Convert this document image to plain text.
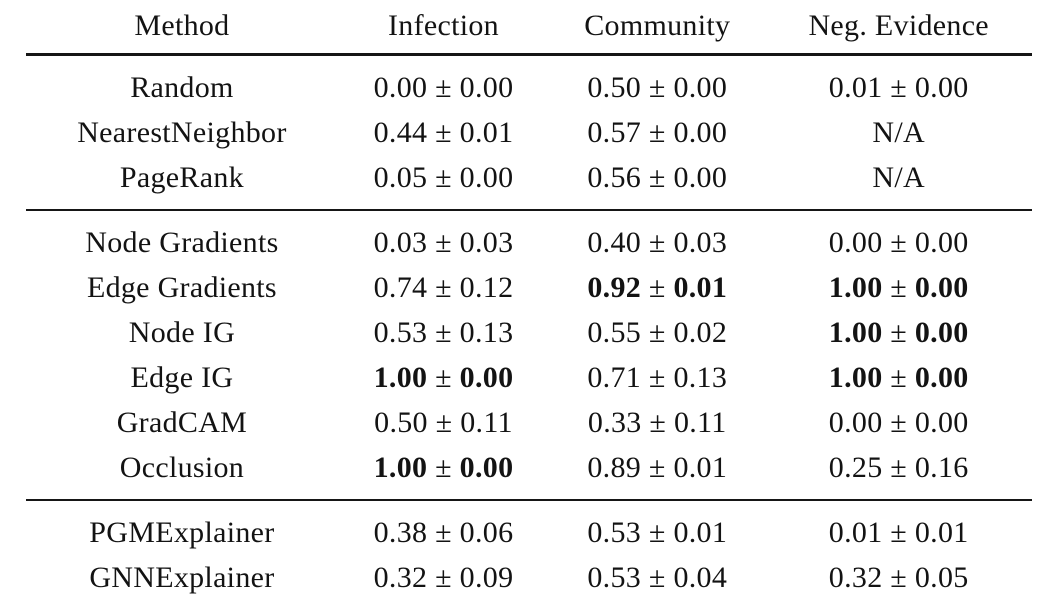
Method	Infection	Community	Neg. Evidence
Random	0.00 ± 0.00	0.50 ± 0.00	0.01 ± 0.00
NearestNeighbor	0.44 ± 0.01	0.57 ± 0.00	N/A
PageRank	0.05 ± 0.00	0.56 ± 0.00	N/A
Node Gradients	0.03 ± 0.03	0.40 ± 0.03	0.00 ± 0.00
Edge Gradients	0.74 ± 0.12	0.92 ± 0.01	1.00 ± 0.00
Node IG	0.53 ± 0.13	0.55 ± 0.02	1.00 ± 0.00
Edge IG	1.00 ± 0.00	0.71 ± 0.13	1.00 ± 0.00
GradCAM	0.50 ± 0.11	0.33 ± 0.11	0.00 ± 0.00
Occlusion	1.00 ± 0.00	0.89 ± 0.01	0.25 ± 0.16
PGMExplainer	0.38 ± 0.06	0.53 ± 0.01	0.01 ± 0.01
GNNExplainer	0.32 ± 0.09	0.53 ± 0.04	0.32 ± 0.05
